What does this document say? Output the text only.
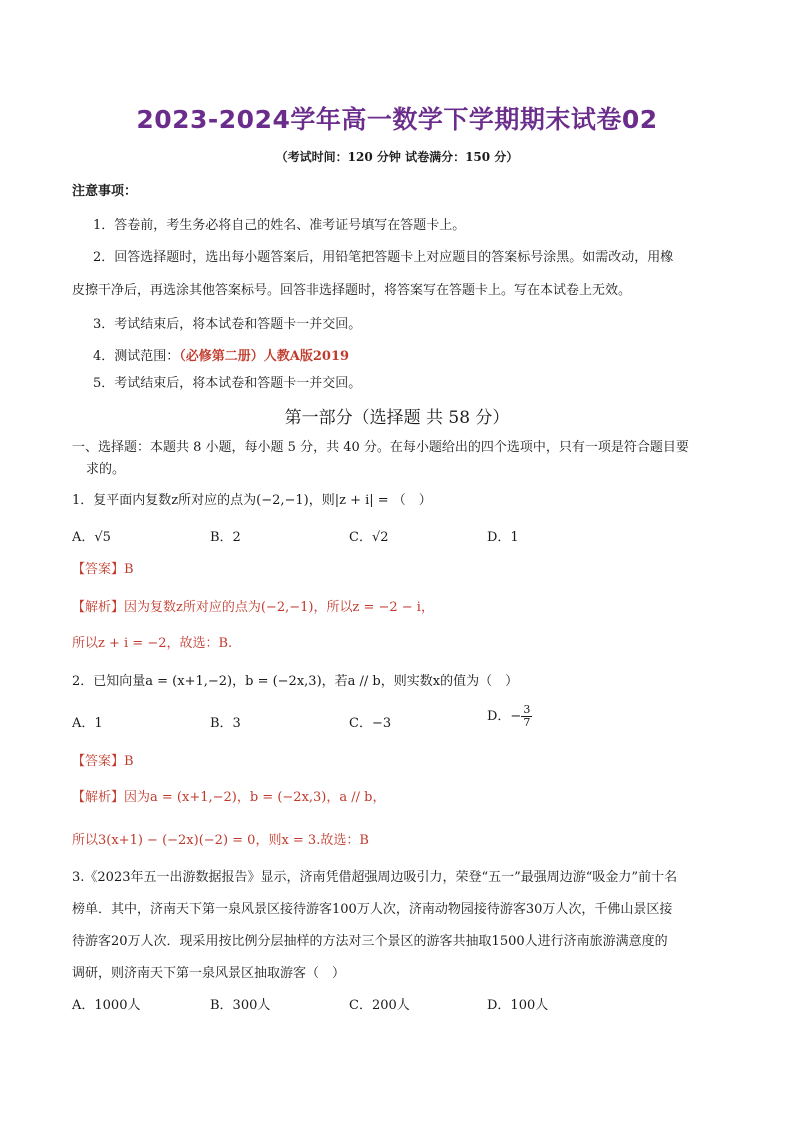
2023-2024学年高一数学下学期期末试卷02
（考试时间：120 分钟 试卷满分：150 分）
注意事项：
1．答卷前，考生务必将自己的姓名、准考证号填写在答题卡上。
2．回答选择题时，选出每小题答案后，用铅笔把答题卡上对应题目的答案标号涂黑。如需改动，用橡
皮擦干净后，再选涂其他答案标号。回答非选择题时，将答案写在答题卡上。写在本试卷上无效。
3．考试结束后，将本试卷和答题卡一并交回。
4．测试范围：（必修第二册）人教A版2019
5．考试结束后，将本试卷和答题卡一并交回。
第一部分（选择题 共 58 分）
一、选择题：本题共 8 小题，每小题 5 分，共 40 分。在每小题给出的四个选项中，只有一项是符合题目要
求的。
1．复平面内复数z所对应的点为(−2,−1)，则|z + i| = （　）
A．√5	B．2	C．√2	D．1
【答案】B
【解析】因为复数z所对应的点为(−2,−1)，所以z = −2 − i，
所以z + i = −2，故选：B.
2．已知向量a = (x+1,−2)，b = (−2x,3)，若a // b，则实数x的值为（　）
A．1	B．3	C．−3	D．− $\frac{3}{7}$
【答案】B
【解析】因为a = (x+1,−2)，b = (−2x,3)，a // b，
所以3(x+1) − (−2x)(−2) = 0，则x = 3.故选：B
3.《2023年五一出游数据报告》显示，济南凭借超强周边吸引力，荣登“五一”最强周边游“吸金力”前十名
榜单．其中，济南天下第一泉风景区接待游客100万人次，济南动物园接待游客30万人次，千佛山景区接
待游客20万人次．现采用按比例分层抽样的方法对三个景区的游客共抽取1500人进行济南旅游满意度的
调研，则济南天下第一泉风景区抽取游客（　）
A．1000人	B．300人	C．200人	D．100人
